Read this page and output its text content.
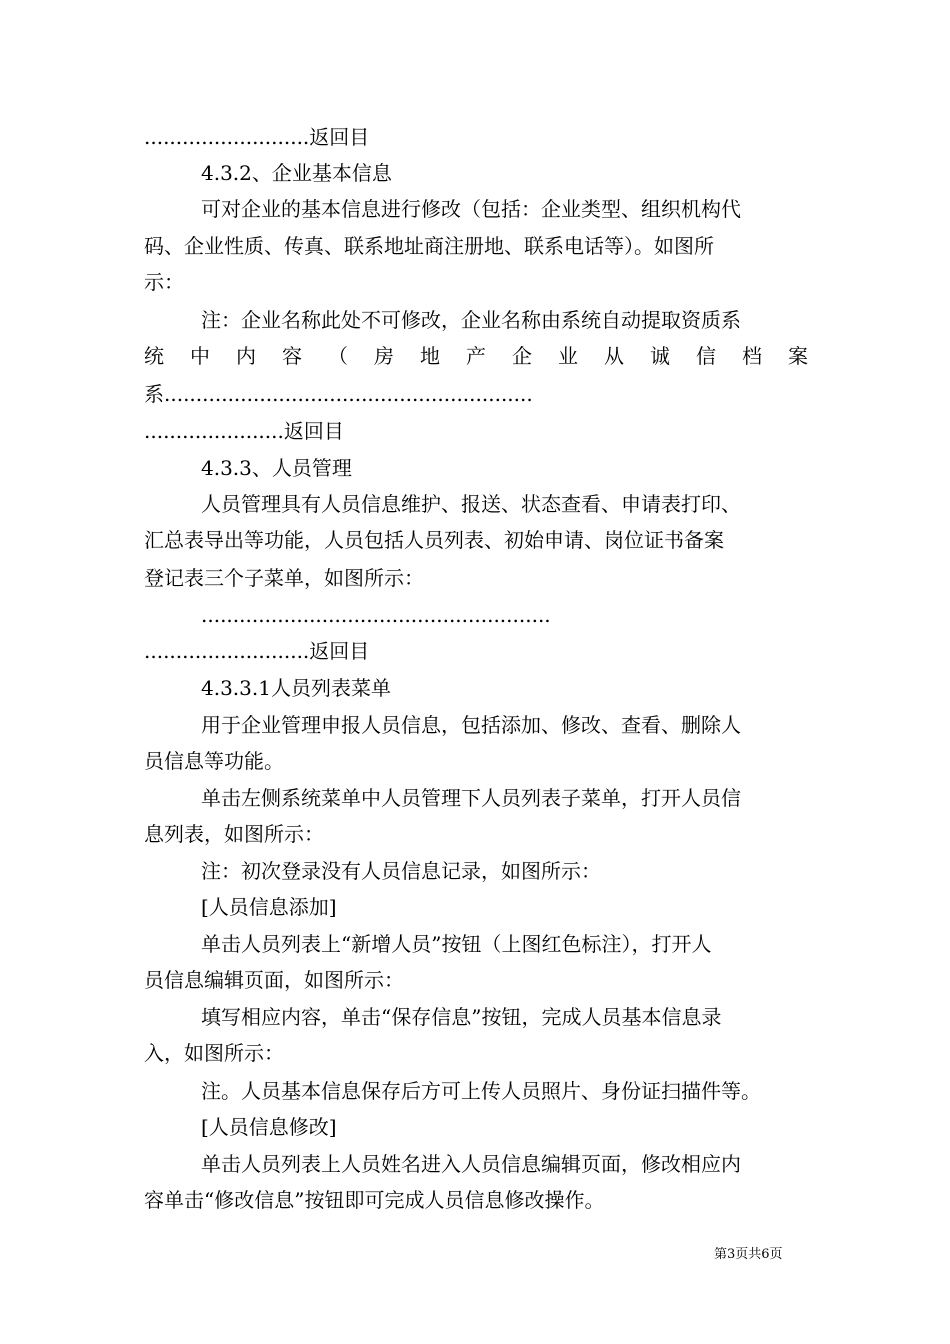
..........................返回目
4.3.2、企业基本信息
可对企业的基本信息进行修改（包括：企业类型、组织机构代
码、企业性质、传真、联系地址商注册地、联系电话等）。如图所
示：
注：企业名称此处不可修改，企业名称由系统自动提取资质系
统 中 内 容 （ 房 地 产 企 业 从 诚 信 档 案
系..........................................................
......................返回目
4.3.3、人员管理
人员管理具有人员信息维护、报送、状态查看、申请表打印、
汇总表导出等功能，人员包括人员列表、初始申请、岗位证书备案
登记表三个子菜单，如图所示：
.......................................................
..........................返回目
4.3.3.1人员列表菜单
用于企业管理申报人员信息，包括添加、修改、查看、删除人
员信息等功能。
单击左侧系统菜单中人员管理下人员列表子菜单，打开人员信
息列表，如图所示：
注：初次登录没有人员信息记录，如图所示：
[人员信息添加]
单击人员列表上“新增人员”按钮（上图红色标注），打开人
员信息编辑页面，如图所示：
填写相应内容，单击“保存信息”按钮，完成人员基本信息录
入，如图所示：
注。人员基本信息保存后方可上传人员照片、身份证扫描件等。
[人员信息修改]
单击人员列表上人员姓名进入人员信息编辑页面，修改相应内
容单击“修改信息”按钮即可完成人员信息修改操作。
第3页共6页
